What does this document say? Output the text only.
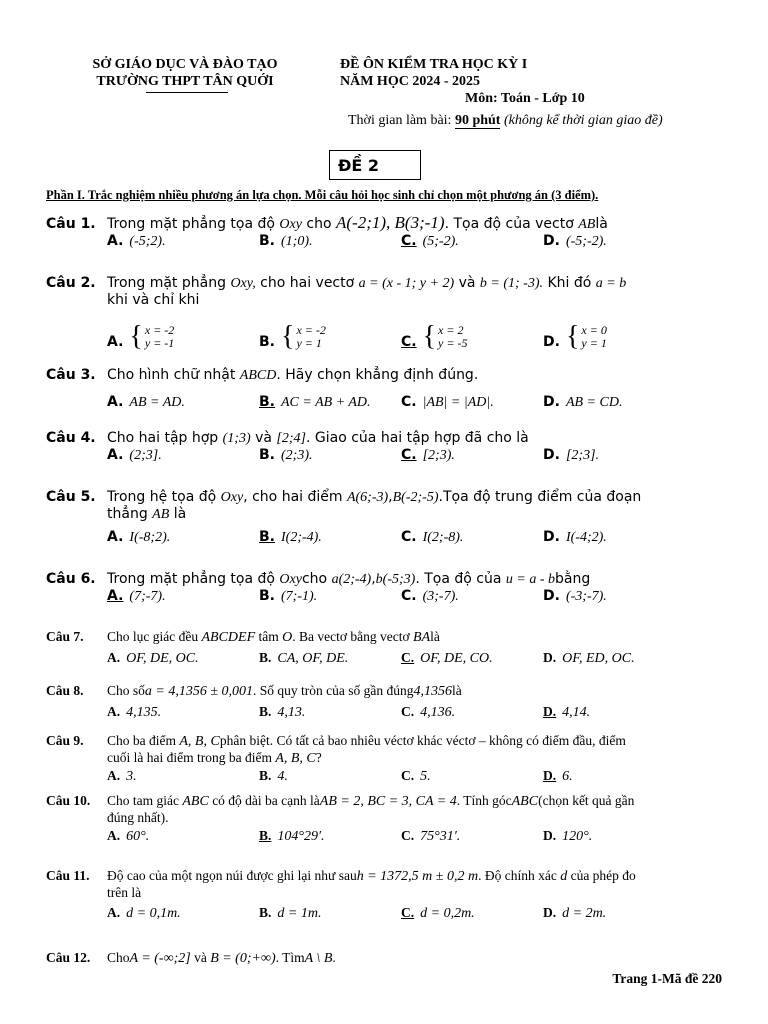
SỞ GIÁO DỤC VÀ ĐÀO TẠO
TRƯỜNG THPT TÂN QUỚI
ĐỀ ÔN KIỂM TRA HỌC KỲ I
NĂM HỌC 2024 - 2025
Môn: Toán - Lớp 10
Thời gian làm bài: 90 phút (không kể thời gian giao đề)
ĐỀ 2
Phần I. Trắc nghiệm nhiều phương án lựa chọn. Mỗi câu hỏi học sinh chỉ chọn một phương án (3 điểm).
Câu 1. Trong mặt phẳng tọa độ
Oxy
cho
A(-2;1), B(3;-1) . Tọa độ của vectơ
AB là
A. (-5;2).	B. (1;0).	C. (5;-2).	D. (-5;-2).
Câu 2. Trong mặt phẳng
Oxy,
cho hai vectơ
a = (x - 1; y + 2)
và
b = (1; -3).
Khi đó
a = b
khi và chỉ khi
A. { x = -2
y = -1	B. { x = -2
y = 1	C. { x = 2
y = -5	D. { x = 0
y = 1
Câu 3. Cho hình chữ nhật
ABCD . Hãy chọn khẳng định đúng.
A. AB = AD.	B. AC = AB + AD. C. |AB| = |AD|.	D. AB = CD.
Câu 4. Cho hai tập hợp
(1;3)
và
[2;4] . Giao của hai tập hợp đã cho là
A. (2;3].	B. (2;3).	C. [2;3).	D. [2;3].
Câu 5. Trong hệ tọa độ
Oxy , cho hai điểm
A(6;-3) , B(-2;-5) .Tọa độ trung điểm của đoạn
thẳng AB là
A. I(-8;2).	B. I(2;-4).	C. I(2;-8).	D. I(-4;2).
Câu 6. Trong mặt phẳng tọa độ
Oxy cho
a(2;-4) , b(-5;3) . Tọa độ của
u = a - b bằng
A. (7;-7).	B. (7;-1).	C. (3;-7).	D. (-3;-7).
Câu 7.	Cho lục giác đều
ABCDEF
tâm
O . Ba vectơ bằng vectơ
BA là
A. OF, DE, OC.	B. CA, OF, DE.	C. OF, DE, CO.	D. OF, ED, OC.
Câu 8.	Cho số a = 4,1356 ± 0,001 . Số quy tròn của số gần đúng 4,1356 là
A. 4,135.	B. 4,13.	C. 4,136.	D. 4,14.
Câu 9.	Cho ba điểm
A, B, C phân biệt. Có tất cả bao nhiêu véctơ khác véctơ – không có điểm đầu, điểm
cuối là hai điểm trong ba điểm A, B, C?
A. 3.	B. 4.	C. 5.	D. 6.
Câu 10.	Cho tam giác
ABC
có độ dài ba cạnh là AB = 2, BC = 3, CA = 4 . Tính góc ABC (chọn kết quả gần
đúng nhất).
A. 60°.	B. 104°29′.	C. 75°31′.	D. 120°.
Câu 11.	Độ cao của một ngọn núi được ghi lại như sau h = 1372,5 m ± 0,2 m . Độ chính xác
d
của phép đo
trên là
A. d = 0,1m.	B. d = 1m.	C. d = 0,2m.	D. d = 2m.
Câu 12.	Cho A = (-∞;2]
và
B = (0;+∞) . Tìm A \ B .
Trang 1-Mã đề 220
